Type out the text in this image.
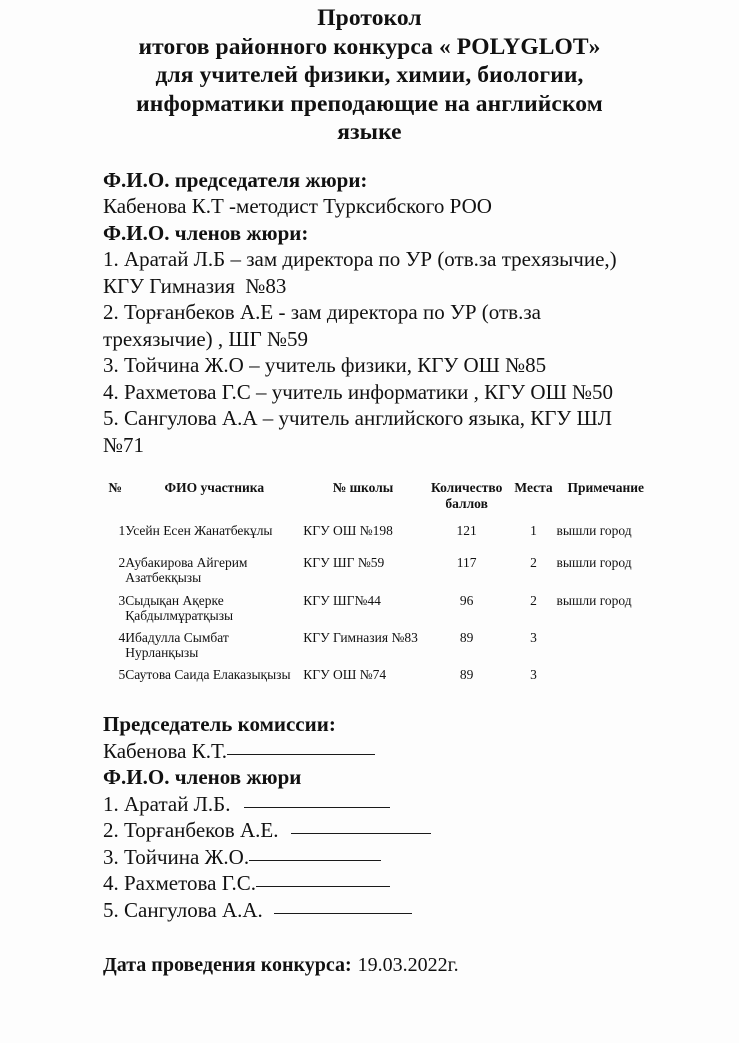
Протокол
итогов районного конкурса « POLYGLOT»
для учителей физики, химии, биологии,
информатики преподающие на английском
языке
Ф.И.О. председателя жюри:
Кабенова К.Т -методист Турксибского РОО
Ф.И.О. членов жюри:
1. Аратай Л.Б – зам директора по УР (отв.за трехязычие,)
КГУ Гимназия  №83
2. Торғанбеков А.Е - зам директора по УР (отв.за
трехязычие) , ШГ №59
3. Тойчина Ж.О – учитель физики, КГУ ОШ №85
4. Рахметова Г.С – учитель информатики , КГУ ОШ №50
5. Сангулова А.А – учитель английского языка, КГУ ШЛ
№71
№	ФИО участника	№ школы	Количество баллов	Места	Примечание
1	Усейн Есен Жанатбекұлы	КГУ ОШ №198	121	1	вышли город
2	Аубакирова Айгерим Азатбекқызы	КГУ ШГ №59	117	2	вышли город
3	Сыдықан Ақерке Қабдылмұратқызы	КГУ ШГ№44	96	2	вышли город
4	Ибадулла Сымбат Нурланқызы	КГУ Гимназия №83	89	3	
5	Саутова Саида Елаказықызы	КГУ ОШ №74	89	3	
Председатель комиссии:
Кабенова К.Т.
Ф.И.О. членов жюри
1. Аратай Л.Б.
2. Торғанбеков А.Е.
3. Тойчина Ж.О.
4. Рахметова Г.С.
5. Сангулова А.А.
Дата проведения конкурса: 19.03.2022г.
